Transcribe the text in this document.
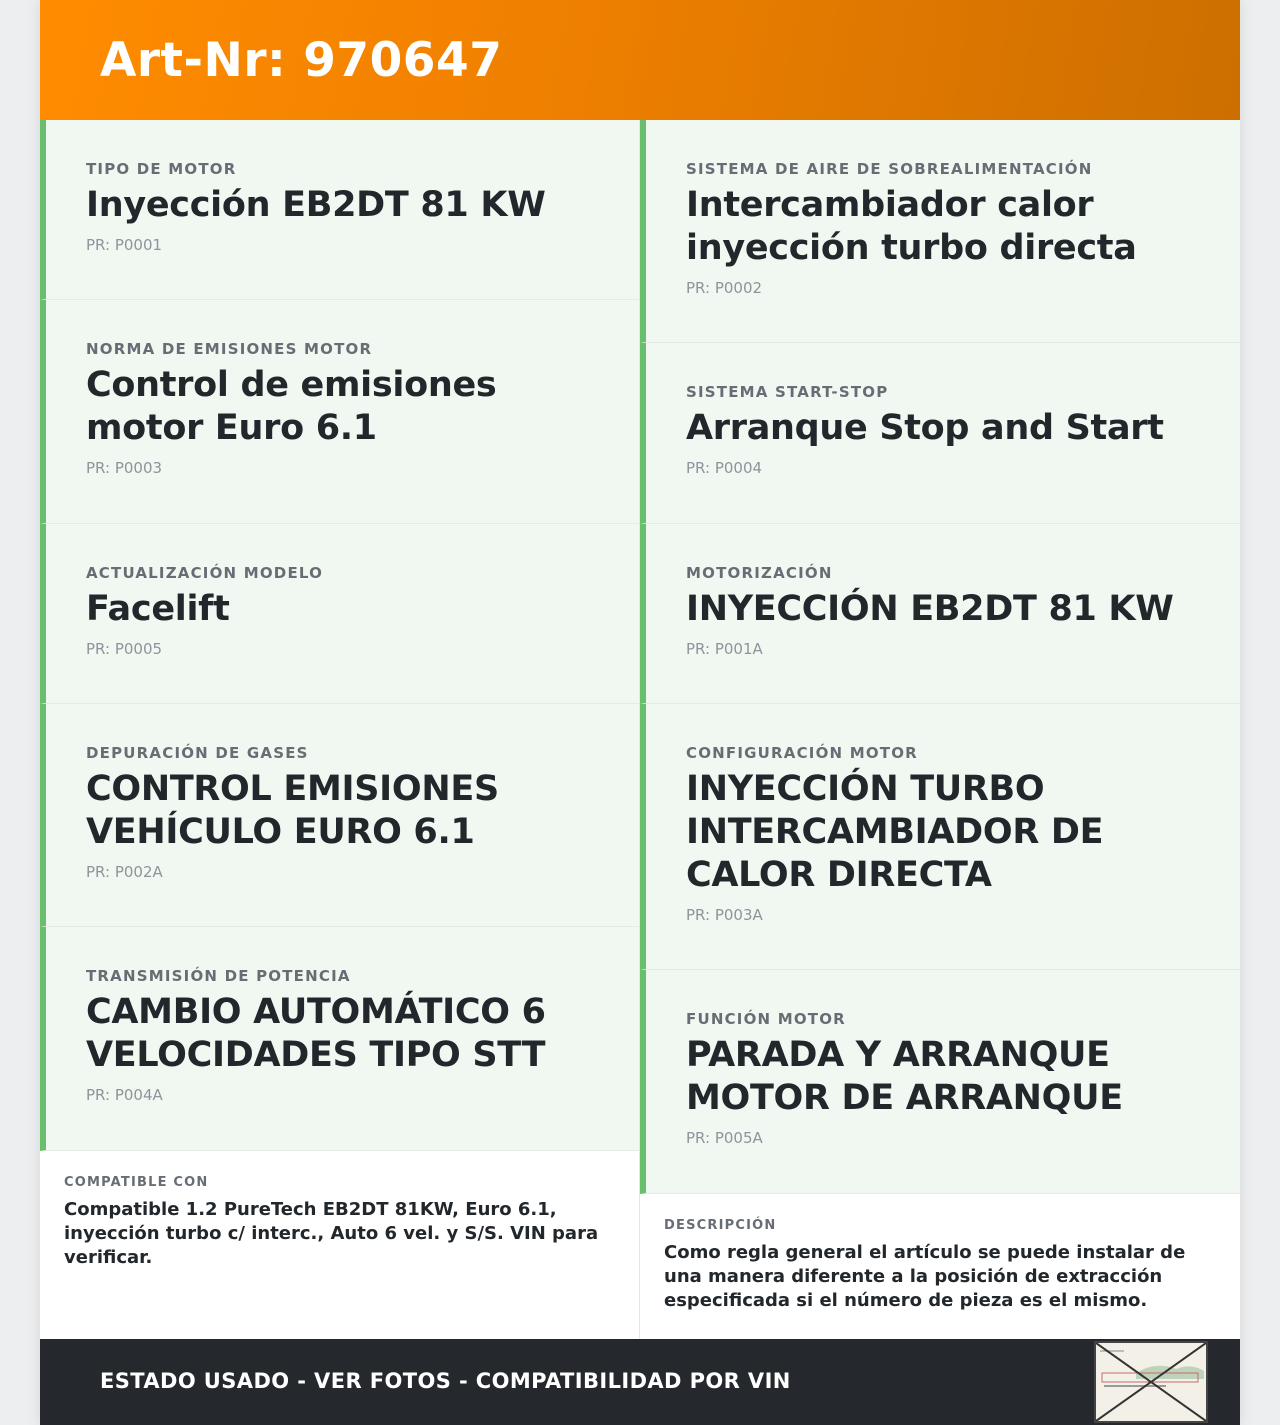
Art-Nr: 970647
TIPO DE MOTOR
Inyección EB2DT 81 KW
PR: P0001
NORMA DE EMISIONES MOTOR
Control de emisiones motor Euro 6.1
PR: P0003
ACTUALIZACIÓN MODELO
Facelift
PR: P0005
DEPURACIÓN DE GASES
CONTROL EMISIONES VEHÍCULO EURO 6.1
PR: P002A
TRANSMISIÓN DE POTENCIA
CAMBIO AUTOMÁTICO 6 VELOCIDADES TIPO STT
PR: P004A
COMPATIBLE CON
Compatible 1.2 PureTech EB2DT 81KW, Euro 6.1, inyección turbo c/ interc., Auto 6 vel. y S/S. VIN para verificar.
SISTEMA DE AIRE DE SOBREALIMENTACIÓN
Intercambiador calor inyección turbo directa
PR: P0002
SISTEMA START-STOP
Arranque Stop and Start
PR: P0004
MOTORIZACIÓN
INYECCIÓN EB2DT 81 KW
PR: P001A
CONFIGURACIÓN MOTOR
INYECCIÓN TURBO INTERCAMBIADOR DE CALOR DIRECTA
PR: P003A
FUNCIÓN MOTOR
PARADA Y ARRANQUE MOTOR DE ARRANQUE
PR: P005A
DESCRIPCIÓN
Como regla general el artículo se puede instalar de una manera diferente a la posición de extracción especificada si el número de pieza es el mismo.
ESTADO USADO - VER FOTOS - COMPATIBILIDAD POR VIN
